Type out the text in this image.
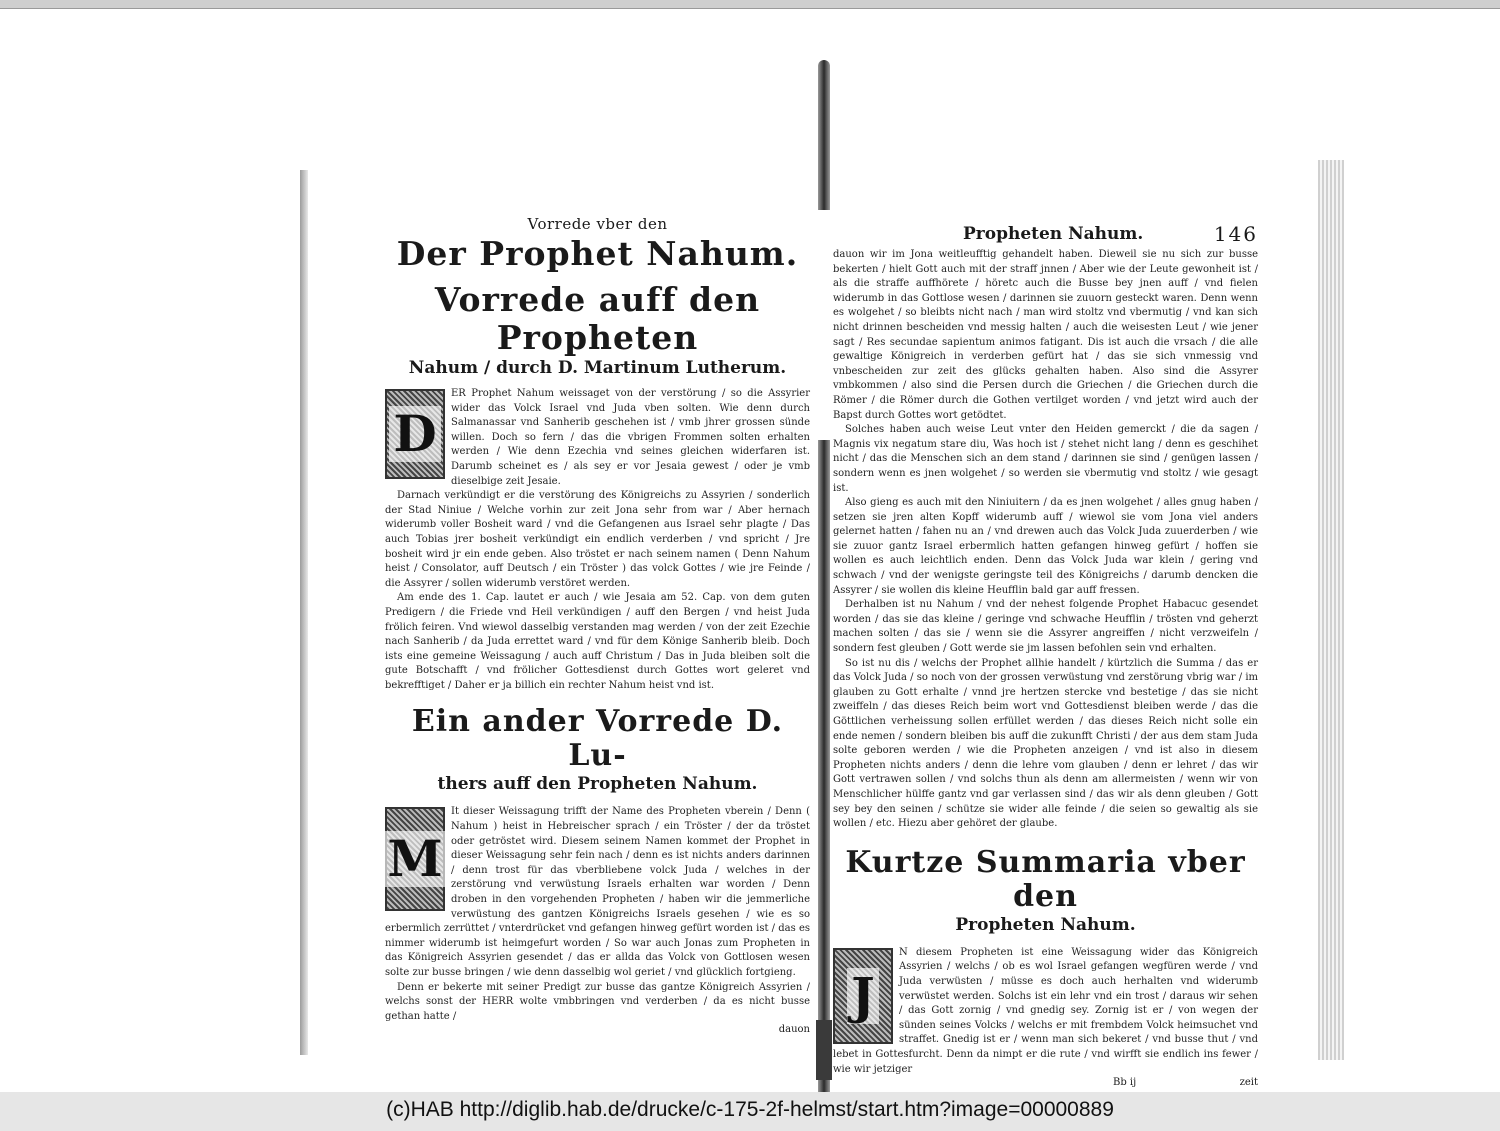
Vorrede vber den
Der Prophet Nahum.
Vorrede auff den Propheten
Nahum / durch D. Martinum Lutherum.
D

ER Prophet Nahum weissaget von der verstörung / so die Assyrier wider das Volck Israel vnd Juda vben solten. Wie denn durch Salmanassar vnd Sanherib geschehen ist / vmb jhrer grossen sünde willen. Doch so fern / das die vbrigen Frommen solten erhalten werden / Wie denn Ezechia vnd seines gleichen widerfaren ist. Darumb scheinet es / als sey er vor Jesaia gewest / oder je vmb dieselbige zeit Jesaie.

Darnach verkündigt er die verstörung des Königreichs zu Assyrien / sonderlich der Stad Niniue / Welche vorhin zur zeit Jona sehr from war / Aber hernach widerumb voller Bosheit ward / vnd die Gefangenen aus Israel sehr plagte / Das auch Tobias jrer bosheit verkündigt ein endlich verderben / vnd spricht / Jre bosheit wird jr ein ende geben. Also tröstet er nach seinem namen ( Denn Nahum heist / Consolator, auff Deutsch / ein Tröster ) das volck Gottes / wie jre Feinde / die Assyrer / sollen widerumb verstöret werden.

Am ende des 1. Cap. lautet er auch / wie Jesaia am 52. Cap. von dem guten Predigern / die Friede vnd Heil verkündigen / auff den Bergen / vnd heist Juda frölich feiren. Vnd wiewol dasselbig verstanden mag werden / von der zeit Ezechie nach Sanherib / da Juda errettet ward / vnd für dem Könige Sanherib bleib. Doch ists eine gemeine Weissagung / auch auff Christum / Das in Juda bleiben solt die gute Botschafft / vnd frölicher Gottesdienst durch Gottes wort geleret vnd bekrefftiget / Daher er ja billich ein rechter Nahum heist vnd ist.

Ein ander Vorrede D. Lu-
thers auff den Propheten Nahum.
M

It dieser Weissagung trifft der Name des Propheten vberein / Denn ( Nahum ) heist in Hebreischer sprach / ein Tröster / der da tröstet oder getröstet wird. Diesem seinem Namen kommet der Prophet in dieser Weissagung sehr fein nach / denn es ist nichts anders darinnen / denn trost für das vberbliebene volck Juda / welches in der zerstörung vnd verwüstung Israels erhalten war worden / Denn droben in den vorgehenden Propheten / haben wir die jemmerliche verwüstung des gantzen Königreichs Israels gesehen / wie es so erbermlich zerrüttet / vnterdrücket vnd gefangen hinweg gefürt worden ist / das es nimmer widerumb ist heimgefurt worden / So war auch Jonas zum Propheten in das Königreich Assyrien gesendet / das er allda das Volck von Gottlosen wesen solte zur busse bringen / wie denn dasselbig wol geriet / vnd glücklich fortgieng.

Denn er bekerte mit seiner Predigt zur busse das gantze Königreich Assyrien / welchs sonst der HERR wolte vmbbringen vnd verderben / da es nicht busse gethan hatte /

dauon
Propheten Nahum.	146

dauon wir im Jona weitleufftig gehandelt haben. Dieweil sie nu sich zur busse bekerten / hielt Gott auch mit der straff jnnen / Aber wie der Leute gewonheit ist / als die straffe auffhörete / höretc auch die Busse bey jnen auff / vnd fielen widerumb in das Gottlose wesen / darinnen sie zuuorn gesteckt waren. Denn wenn es wolgehet / so bleibts nicht nach / man wird stoltz vnd vbermutig / vnd kan sich nicht drinnen bescheiden vnd messig halten / auch die weisesten Leut / wie jener sagt / Res secundae sapientum animos fatigant. Dis ist auch die vrsach / die alle gewaltige Königreich in verderben gefürt hat / das sie sich vnmessig vnd vnbescheiden zur zeit des glücks gehalten haben. Also sind die Assyrer vmbkommen / also sind die Persen durch die Griechen / die Griechen durch die Römer / die Römer durch die Gothen vertilget worden / vnd jetzt wird auch der Bapst durch Gottes wort getödtet.

Solches haben auch weise Leut vnter den Heiden gemerckt / die da sagen / Magnis vix negatum stare diu, Was hoch ist / stehet nicht lang / denn es geschihet nicht / das die Menschen sich an dem stand / darinnen sie sind / genügen lassen / sondern wenn es jnen wolgehet / so werden sie vbermutig vnd stoltz / wie gesagt ist.

Also gieng es auch mit den Niniuitern / da es jnen wolgehet / alles gnug haben / setzen sie jren alten Kopff widerumb auff / wiewol sie vom Jona viel anders gelernet hatten / fahen nu an / vnd drewen auch das Volck Juda zuuerderben / wie sie zuuor gantz Israel erbermlich hatten gefangen hinweg gefürt / hoffen sie wollen es auch leichtlich enden. Denn das Volck Juda war klein / gering vnd schwach / vnd der wenigste geringste teil des Königreichs / darumb dencken die Assyrer / sie wollen dis kleine Heufflin bald gar auff fressen.

Derhalben ist nu Nahum / vnd der nehest folgende Prophet Habacuc gesendet worden / das sie das kleine / geringe vnd schwache Heufflin / trösten vnd geherzt machen solten / das sie / wenn sie die Assyrer angreiffen / nicht verzweifeln / sondern fest gleuben / Gott werde sie jm lassen befohlen sein vnd erhalten.

So ist nu dis / welchs der Prophet allhie handelt / kürtzlich die Summa / das er das Volck Juda / so noch von der grossen verwüstung vnd zerstörung vbrig war / im glauben zu Gott erhalte / vnnd jre hertzen stercke vnd bestetige / das sie nicht zweiffeln / das dieses Reich beim wort vnd Gottesdienst bleiben werde / das die Göttlichen verheissung sollen erfüllet werden / das dieses Reich nicht solle ein ende nemen / sondern bleiben bis auff die zukunfft Christi / der aus dem stam Juda solte geboren werden / wie die Propheten anzeigen / vnd ist also in diesem Propheten nichts anders / denn die lehre vom glauben / denn er lehret / das wir Gott vertrawen sollen / vnd solchs thun als denn am allermeisten / wenn wir von Menschlicher hülffe gantz vnd gar verlassen sind / das wir als denn gleuben / Gott sey bey den seinen / schütze sie wider alle feinde / die seien so gewaltig als sie wollen / etc. Hiezu aber gehöret der glaube.

Kurtze Summaria vber den
Propheten Nahum.
J

N diesem Propheten ist eine Weissagung wider das Königreich Assyrien / welchs / ob es wol Israel gefangen wegfüren werde / vnd Juda verwüsten / müsse es doch auch herhalten vnd widerumb verwüstet werden. Solchs ist ein lehr vnd ein trost / daraus wir sehen / das Gott zornig / vnd gnedig sey. Zornig ist er / von wegen der sünden seines Volcks / welchs er mit frembdem Volck heimsuchet vnd straffet. Gnedig ist er / wenn man sich bekeret / vnd busse thut / vnd lebet in Gottesfurcht. Denn da nimpt er die rute / vnd wirfft sie endlich ins fewer / wie wir jetziger

Bb ij	zeit
(c)HAB http://diglib.hab.de/drucke/c-175-2f-helmst/start.htm?image=00000889
